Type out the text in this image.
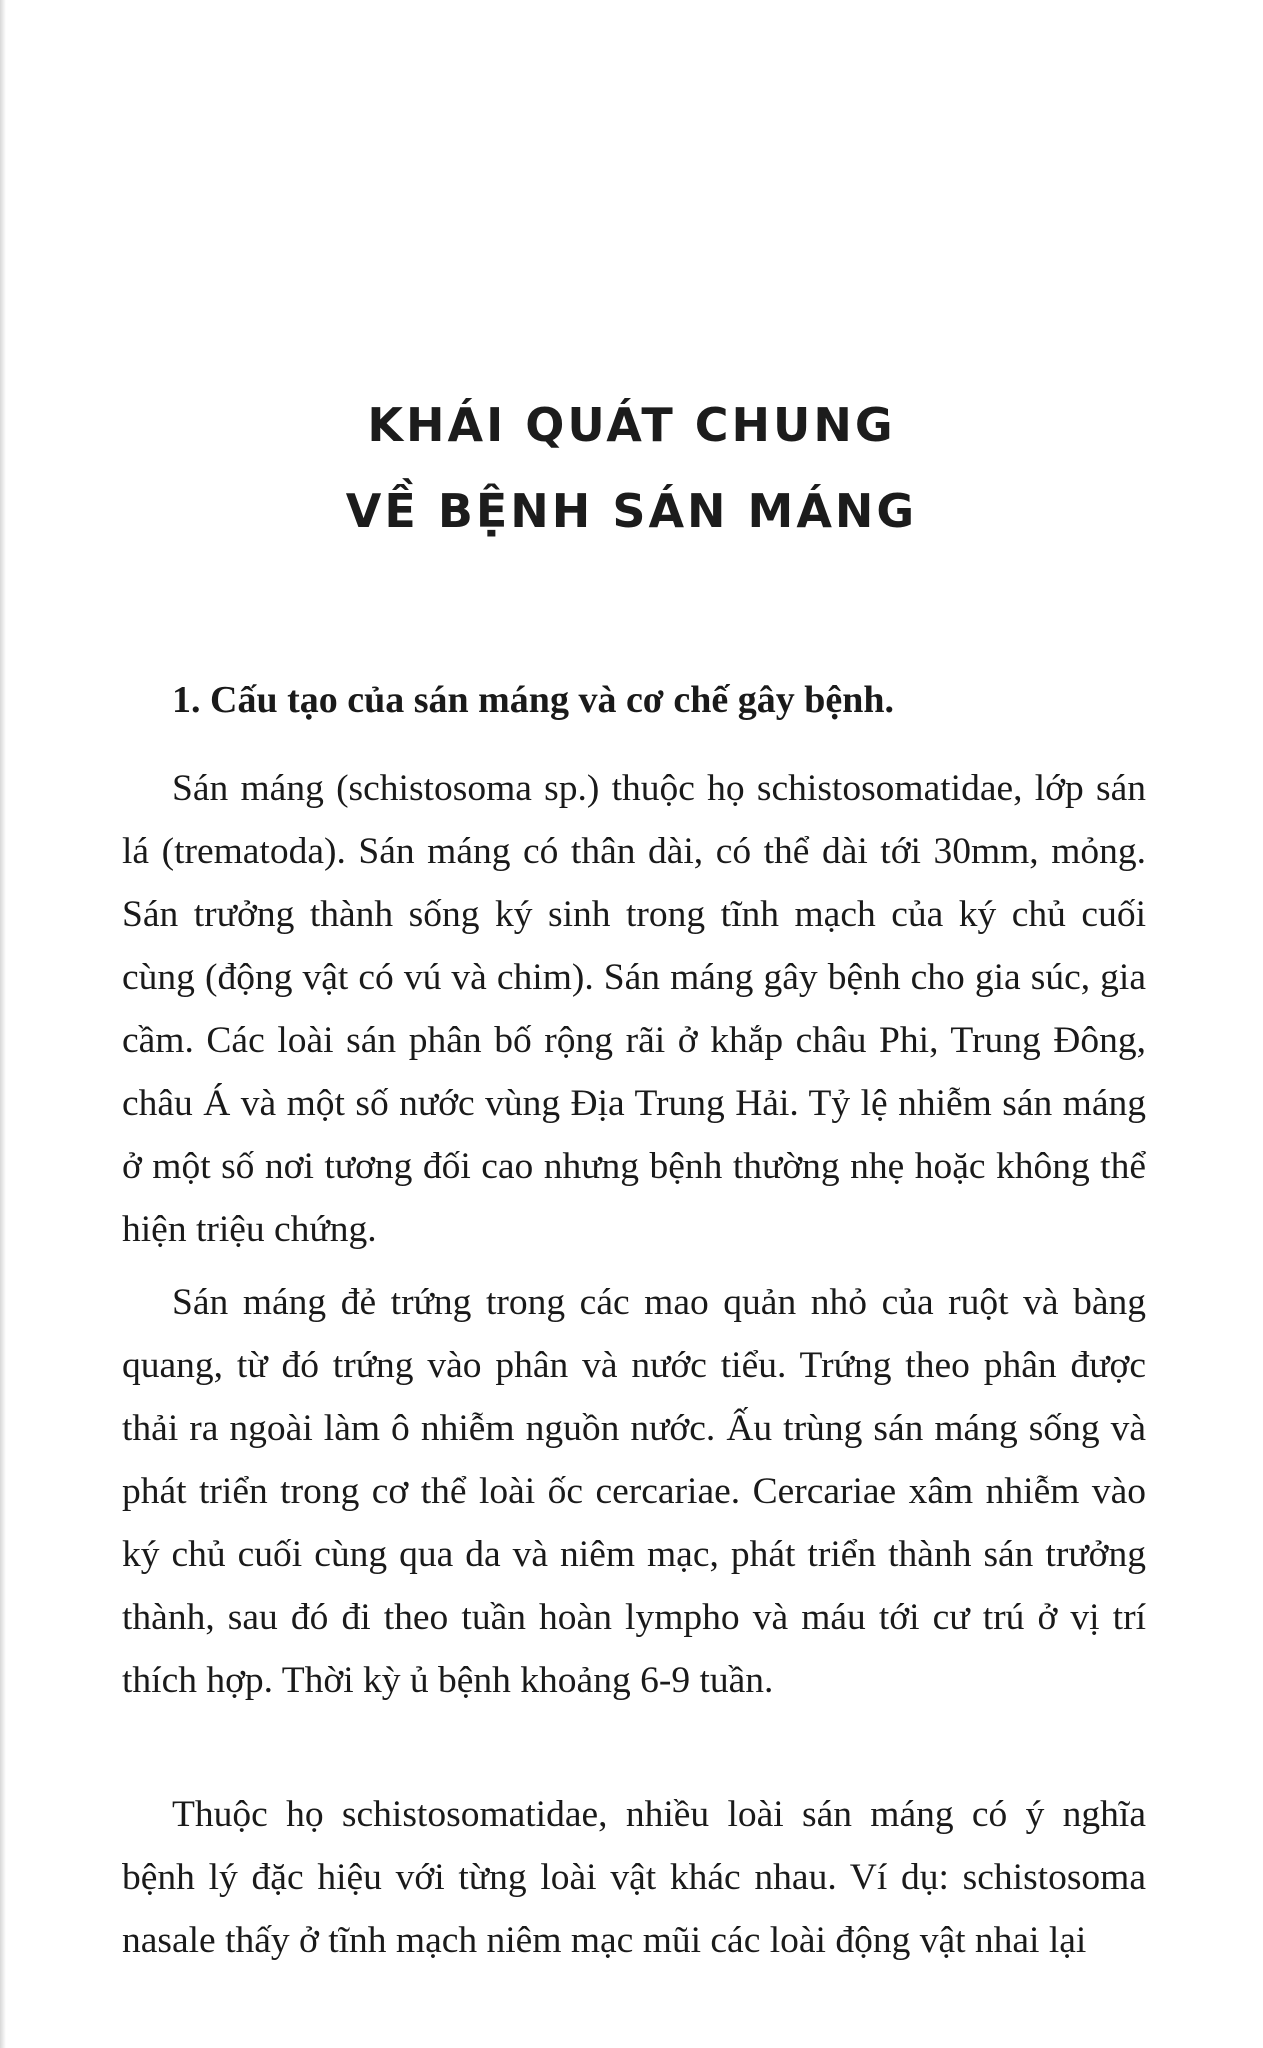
KHÁI QUÁT CHUNG
VỀ BỆNH SÁN MÁNG
1. Cấu tạo của sán máng và cơ chế gây bệnh.

Sán máng (schistosoma sp.) thuộc họ schistosomatidae, lớp sán lá (trematoda). Sán máng có thân dài, có thể dài tới 30mm, mỏng. Sán trưởng thành sống ký sinh trong tĩnh mạch của ký chủ cuối cùng (động vật có vú và chim). Sán máng gây bệnh cho gia súc, gia cầm. Các loài sán phân bố rộng rãi ở khắp châu Phi, Trung Đông, châu Á và một số nước vùng Địa Trung Hải. Tỷ lệ nhiễm sán máng ở một số nơi tương đối cao nhưng bệnh thường nhẹ hoặc không thể hiện triệu chứng.

Sán máng đẻ trứng trong các mao quản nhỏ của ruột và bàng quang, từ đó trứng vào phân và nước tiểu. Trứng theo phân được thải ra ngoài làm ô nhiễm nguồn nước. Ấu trùng sán máng sống và phát triển trong cơ thể loài ốc cercariae. Cercariae xâm nhiễm vào ký chủ cuối cùng qua da và niêm mạc, phát triển thành sán trưởng thành, sau đó đi theo tuần hoàn lympho và máu tới cư trú ở vị trí thích hợp. Thời kỳ ủ bệnh khoảng 6-9 tuần.

Thuộc họ schistosomatidae, nhiều loài sán máng có ý nghĩa bệnh lý đặc hiệu với từng loài vật khác nhau. Ví dụ: schistosoma nasale thấy ở tĩnh mạch niêm mạc mũi các loài động vật nhai lại
